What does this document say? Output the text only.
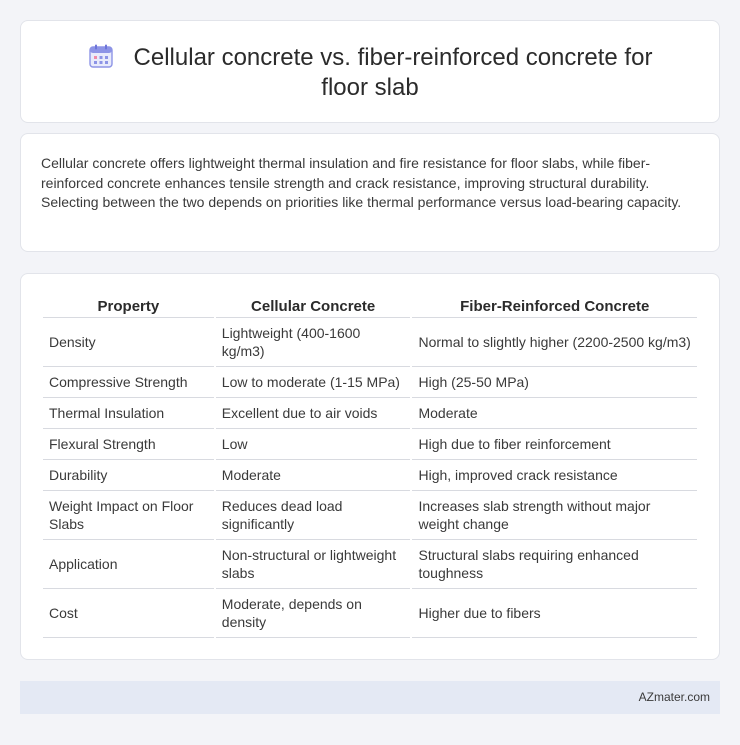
Cellular concrete vs. fiber-reinforced concrete for floor slab

Cellular concrete offers lightweight thermal insulation and fire resistance for floor slabs, while fiber-reinforced concrete enhances tensile strength and crack resistance, improving structural durability. Selecting between the two depends on priorities like thermal performance versus load-bearing capacity.

Property	Cellular Concrete	Fiber-Reinforced Concrete
Density	Lightweight (400-1600 kg/m3)	Normal to slightly higher (2200-2500 kg/m3)
Compressive Strength	Low to moderate (1-15 MPa)	High (25-50 MPa)
Thermal Insulation	Excellent due to air voids	Moderate
Flexural Strength	Low	High due to fiber reinforcement
Durability	Moderate	High, improved crack resistance
Weight Impact on Floor Slabs	Reduces dead load significantly	Increases slab strength without major weight change
Application	Non-structural or lightweight slabs	Structural slabs requiring enhanced toughness
Cost	Moderate, depends on density	Higher due to fibers
AZmater.com
